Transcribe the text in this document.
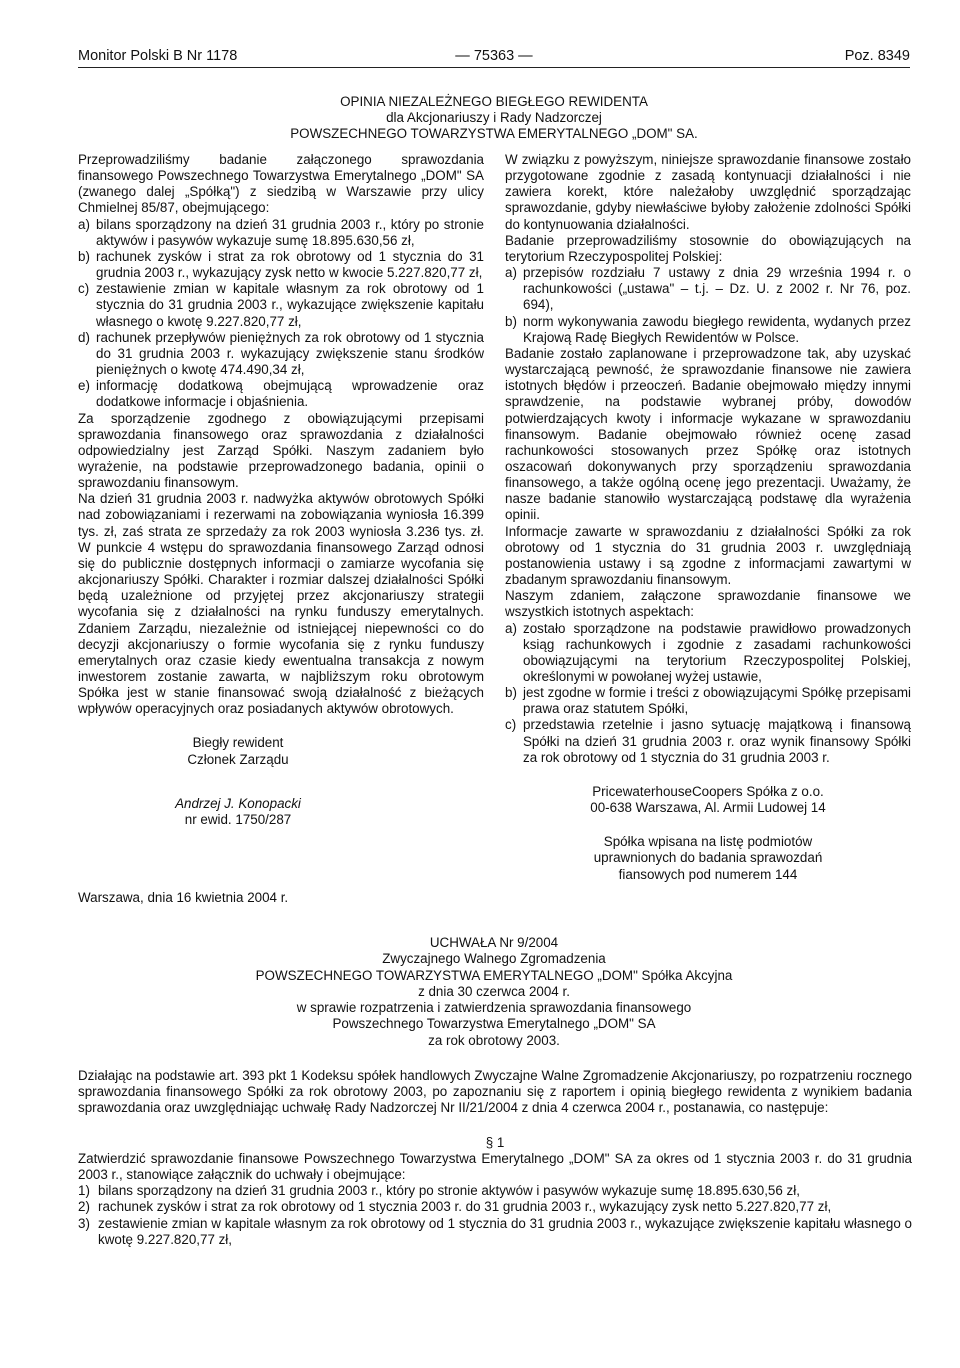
— 75363 —
Monitor Polski B Nr 1178	Poz. 8349
OPINIA NIEZALEŻNEGO BIEGŁEGO REWIDENTA
dla Akcjonariuszy i Rady Nadzorczej
POWSZECHNEGO TOWARZYSTWA EMERYTALNEGO „DOM" SA.

Przeprowadziliśmy badanie załączonego sprawozdania finansowego Powszechnego Towarzystwa Emerytalnego „DOM" SA (zwanego dalej „Spółką") z siedzibą w Warszawie przy ulicy Chmielnej 85/87, obejmującego:

a) bilans sporządzony na dzień 31 grudnia 2003 r., który po stronie aktywów i pasywów wykazuje sumę 18.895.630,56 zł,
b) rachunek zysków i strat za rok obrotowy od 1 stycznia do 31 grudnia 2003 r., wykazujący zysk netto w kwocie 5.227.820,77 zł,
c) zestawienie zmian w kapitale własnym za rok obrotowy od 1 stycznia do 31 grudnia 2003 r., wykazujące zwiększenie kapitału własnego o kwotę 9.227.820,77 zł,
d) rachunek przepływów pieniężnych za rok obrotowy od 1 stycznia do 31 grudnia 2003 r. wykazujący zwiększenie stanu środków pieniężnych o kwotę 474.490,34 zł,
e) informację dodatkową obejmującą wprowadzenie oraz dodatkowe informacje i objaśnienia.

Za sporządzenie zgodnego z obowiązującymi przepisami sprawozdania finansowego oraz sprawozdania z działalności odpowiedzialny jest Zarząd Spółki. Naszym zadaniem było wyrażenie, na podstawie przeprowadzonego badania, opinii o sprawozdaniu finansowym.

Na dzień 31 grudnia 2003 r. nadwyżka aktywów obrotowych Spółki nad zobowiązaniami i rezerwami na zobowiązania wyniosła 16.399 tys. zł, zaś strata ze sprzedaży za rok 2003 wyniosła 3.236 tys. zł. W punkcie 4 wstępu do sprawozdania finansowego Zarząd odnosi się do publicznie dostępnych informacji o zamiarze wycofania się akcjonariuszy Spółki. Charakter i rozmiar dalszej działalności Spółki będą uzależnione od przyjętej przez akcjonariuszy strategii wycofania się z działalności na rynku funduszy emerytalnych. Zdaniem Zarządu, niezależnie od istniejącej niepewności co do decyzji akcjonariuszy o formie wycofania się z rynku funduszy emerytalnych oraz czasie kiedy ewentualna transakcja z nowym inwestorem zostanie zawarta, w najbliższym roku obrotowym Spółka jest w stanie finansować swoją działalność z bieżących wpływów operacyjnych oraz posiadanych aktywów obrotowych.

Biegły rewident
Członek Zarządu
Andrzej J. Konopacki
nr ewid. 1750/287

W związku z powyższym, niniejsze sprawozdanie finansowe zostało przygotowane zgodnie z zasadą kontynuacji działalności i nie zawiera korekt, które należałoby uwzględnić sporządzając sprawozdanie, gdyby niewłaściwe byłoby założenie zdolności Spółki do kontynuowania działalności.

Badanie przeprowadziliśmy stosownie do obowiązujących na terytorium Rzeczypospolitej Polskiej:

a) przepisów rozdziału 7 ustawy z dnia 29 września 1994 r. o rachunkowości („ustawa" – t.j. – Dz. U. z 2002 r. Nr 76, poz. 694),
b) norm wykonywania zawodu biegłego rewidenta, wydanych przez Krajową Radę Biegłych Rewidentów w Polsce.

Badanie zostało zaplanowane i przeprowadzone tak, aby uzyskać wystarczającą pewność, że sprawozdanie finansowe nie zawiera istotnych błędów i przeoczeń. Badanie obejmowało między innymi sprawdzenie, na podstawie wybranej próby, dowodów potwierdzających kwoty i informacje wykazane w sprawozdaniu finansowym. Badanie obejmowało również ocenę zasad rachunkowości stosowanych przez Spółkę oraz istotnych oszacowań dokonywanych przy sporządzeniu sprawozdania finansowego, a także ogólną ocenę jego prezentacji. Uważamy, że nasze badanie stanowiło wystarczającą podstawę dla wyrażenia opinii.

Informacje zawarte w sprawozdaniu z działalności Spółki za rok obrotowy od 1 stycznia do 31 grudnia 2003 r. uwzględniają postanowienia ustawy i są zgodne z informacjami zawartymi w zbadanym sprawozdaniu finansowym.

Naszym zdaniem, załączone sprawozdanie finansowe we wszystkich istotnych aspektach:

a) zostało sporządzone na podstawie prawidłowo prowadzonych ksiąg rachunkowych i zgodnie z zasadami rachunkowości obowiązującymi na terytorium Rzeczypospolitej Polskiej, określonymi w powołanej wyżej ustawie,
b) jest zgodne w formie i treści z obowiązującymi Spółkę przepisami prawa oraz statutem Spółki,
c) przedstawia rzetelnie i jasno sytuację majątkową i finansową Spółki na dzień 31 grudnia 2003 r. oraz wynik finansowy Spółki za rok obrotowy od 1 stycznia do 31 grudnia 2003 r.
PricewaterhouseCoopers Spółka z o.o.
00-638 Warszawa, Al. Armii Ludowej 14
Spółka wpisana na listę podmiotów
uprawnionych do badania sprawozdań
fiansowych pod numerem 144
Warszawa, dnia 16 kwietnia 2004 r.
UCHWAŁA Nr 9/2004
Zwyczajnego Walnego Zgromadzenia
POWSZECHNEGO TOWARZYSTWA EMERYTALNEGO „DOM" Spółka Akcyjna
z dnia 30 czerwca 2004 r.
w sprawie rozpatrzenia i zatwierdzenia sprawozdania finansowego
Powszechnego Towarzystwa Emerytalnego „DOM" SA
za rok obrotowy 2003.

Działając na podstawie art. 393 pkt 1 Kodeksu spółek handlowych Zwyczajne Walne Zgromadzenie Akcjonariuszy, po rozpatrzeniu rocznego sprawozdania finansowego Spółki za rok obrotowy 2003, po zapoznaniu się z raportem i opinią biegłego rewidenta z wynikiem badania sprawozdania oraz uwzględniając uchwałę Rady Nadzorczej Nr II/21/2004 z dnia 4 czerwca 2004 r., postanawia, co następuje:

§ 1

Zatwierdzić sprawozdanie finansowe Powszechnego Towarzystwa Emerytalnego „DOM" SA za okres od 1 stycznia 2003 r. do 31 grudnia 2003 r., stanowiące załącznik do uchwały i obejmujące:

1) bilans sporządzony na dzień 31 grudnia 2003 r., który po stronie aktywów i pasywów wykazuje sumę 18.895.630,56 zł,
2) rachunek zysków i strat za rok obrotowy od 1 stycznia 2003 r. do 31 grudnia 2003 r., wykazujący zysk netto 5.227.820,77 zł,
3) zestawienie zmian w kapitale własnym za rok obrotowy od 1 stycznia do 31 grudnia 2003 r., wykazujące zwiększenie kapitału własnego o kwotę 9.227.820,77 zł,
